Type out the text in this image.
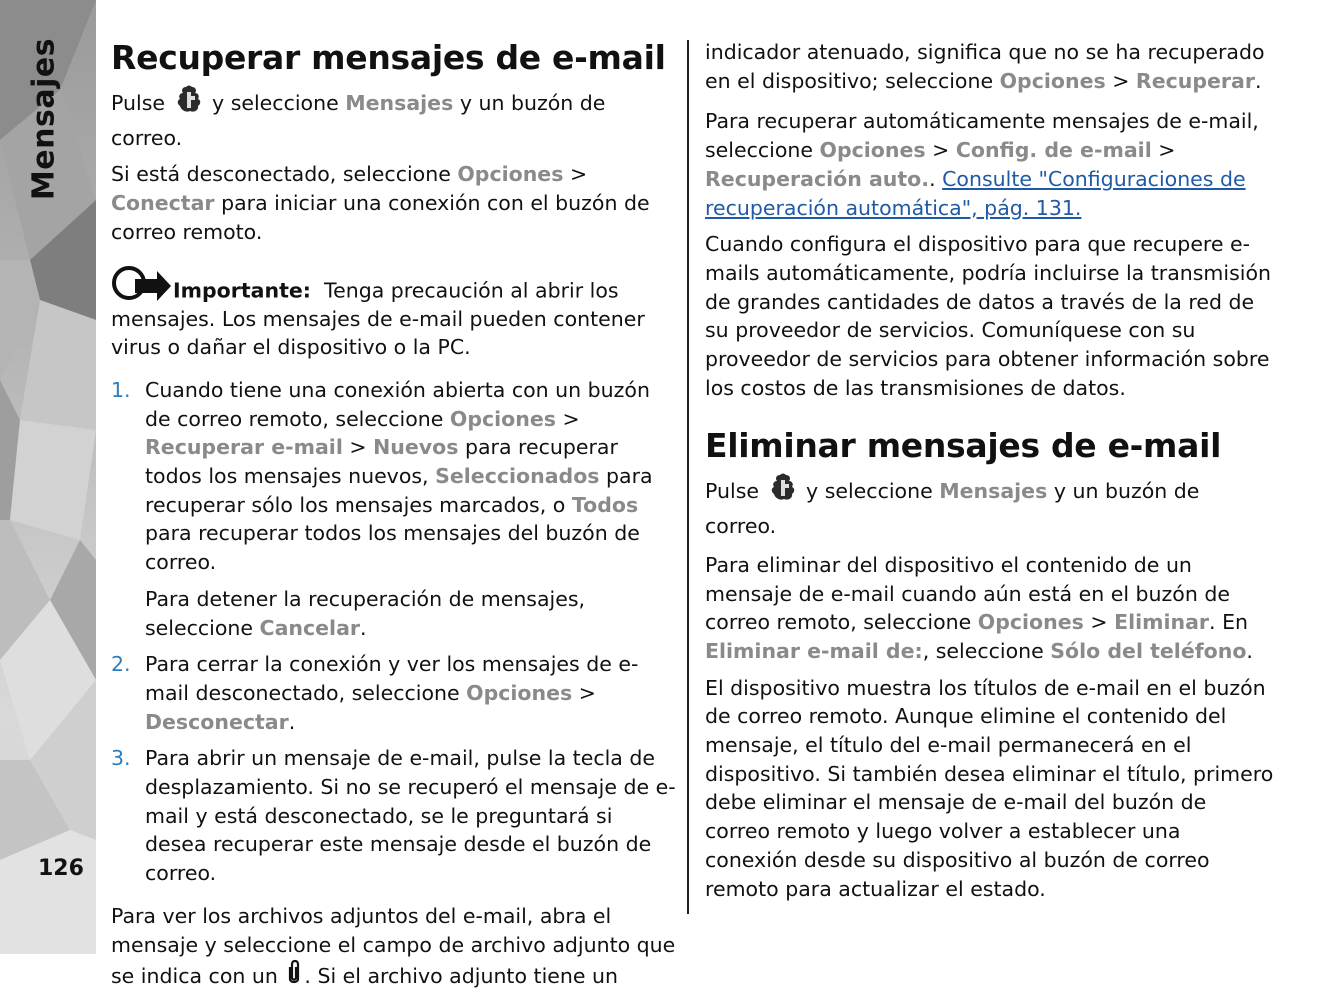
Mensajes
126
Recuperar mensajes de e-mail

Pulse y seleccione Mensajes y un buzón de correo.

Si está desconectado, seleccione Opciones > Conectar para iniciar una conexión con el buzón de correo remoto.

Importante: Tenga precaución al abrir los mensajes. Los mensajes de e-mail pueden contener virus o dañar el dispositivo o la PC.

1. Cuando tiene una conexión abierta con un buzón de correo remoto, seleccione Opciones > Recuperar e-mail > Nuevos para recuperar todos los mensajes nuevos, Seleccionados para recuperar sólo los mensajes marcados, o Todos para recuperar todos los mensajes del buzón de correo.

Para detener la recuperación de mensajes, seleccione Cancelar.

2. Para cerrar la conexión y ver los mensajes de e-mail desconectado, seleccione Opciones > Desconectar.
3. Para abrir un mensaje de e-mail, pulse la tecla de desplazamiento. Si no se recuperó el mensaje de e-mail y está desconectado, se le preguntará si desea recuperar este mensaje desde el buzón de correo.

Para ver los archivos adjuntos del e-mail, abra el mensaje y seleccione el campo de archivo adjunto que se indica con un . Si el archivo adjunto tiene un

indicador atenuado, significa que no se ha recuperado en el dispositivo; seleccione Opciones > Recuperar.

Para recuperar automáticamente mensajes de e-mail, seleccione Opciones > Config. de e-mail > Recuperación auto.. Consulte "Configuraciones de recuperación automática", pág. 131.

Cuando configura el dispositivo para que recupere e-mails automáticamente, podría incluirse la transmisión de grandes cantidades de datos a través de la red de su proveedor de servicios. Comuníquese con su proveedor de servicios para obtener información sobre los costos de las transmisiones de datos.

Eliminar mensajes de e-mail

Pulse y seleccione Mensajes y un buzón de correo.

Para eliminar del dispositivo el contenido de un mensaje de e-mail cuando aún está en el buzón de correo remoto, seleccione Opciones > Eliminar. En Eliminar e-mail de:, seleccione Sólo del teléfono.

El dispositivo muestra los títulos de e-mail en el buzón de correo remoto. Aunque elimine el contenido del mensaje, el título del e-mail permanecerá en el dispositivo. Si también desea eliminar el título, primero debe eliminar el mensaje de e-mail del buzón de correo remoto y luego volver a establecer una conexión desde su dispositivo al buzón de correo remoto para actualizar el estado.
